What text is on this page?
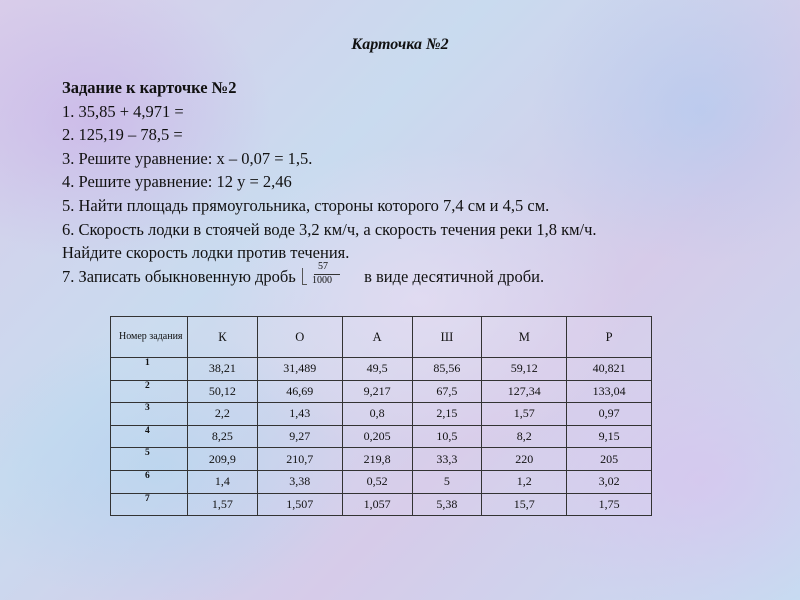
Карточка №2
Задание к карточке №2
1. 35,85 + 4,971 =
2. 125,19 – 78,5 =
3. Решите уравнение: х – 0,07 = 1,5.
4. Решите уравнение: 12 у = 2,46
5. Найти площадь прямоугольника, стороны которого 7,4 см и 4,5 см.
6. Скорость лодки в стоячей воде 3,2 км/ч, а скорость течения реки 1,8 км/ч.
Найдите скорость лодки против течения.
7. Записать обыкновенную дробь $\frac{57}{1000}$ в виде десятичной дроби.
Номер задания	К	О	А	Ш	М	Р
1	38,21	31,489	49,5	85,56	59,12	40,821
2	50,12	46,69	9,217	67,5	127,34	133,04
3	2,2	1,43	0,8	2,15	1,57	0,97
4	8,25	9,27	0,205	10,5	8,2	9,15
5	209,9	210,7	219,8	33,3	220	205
6	1,4	3,38	0,52	5	1,2	3,02
7	1,57	1,507	1,057	5,38	15,7	1,75
